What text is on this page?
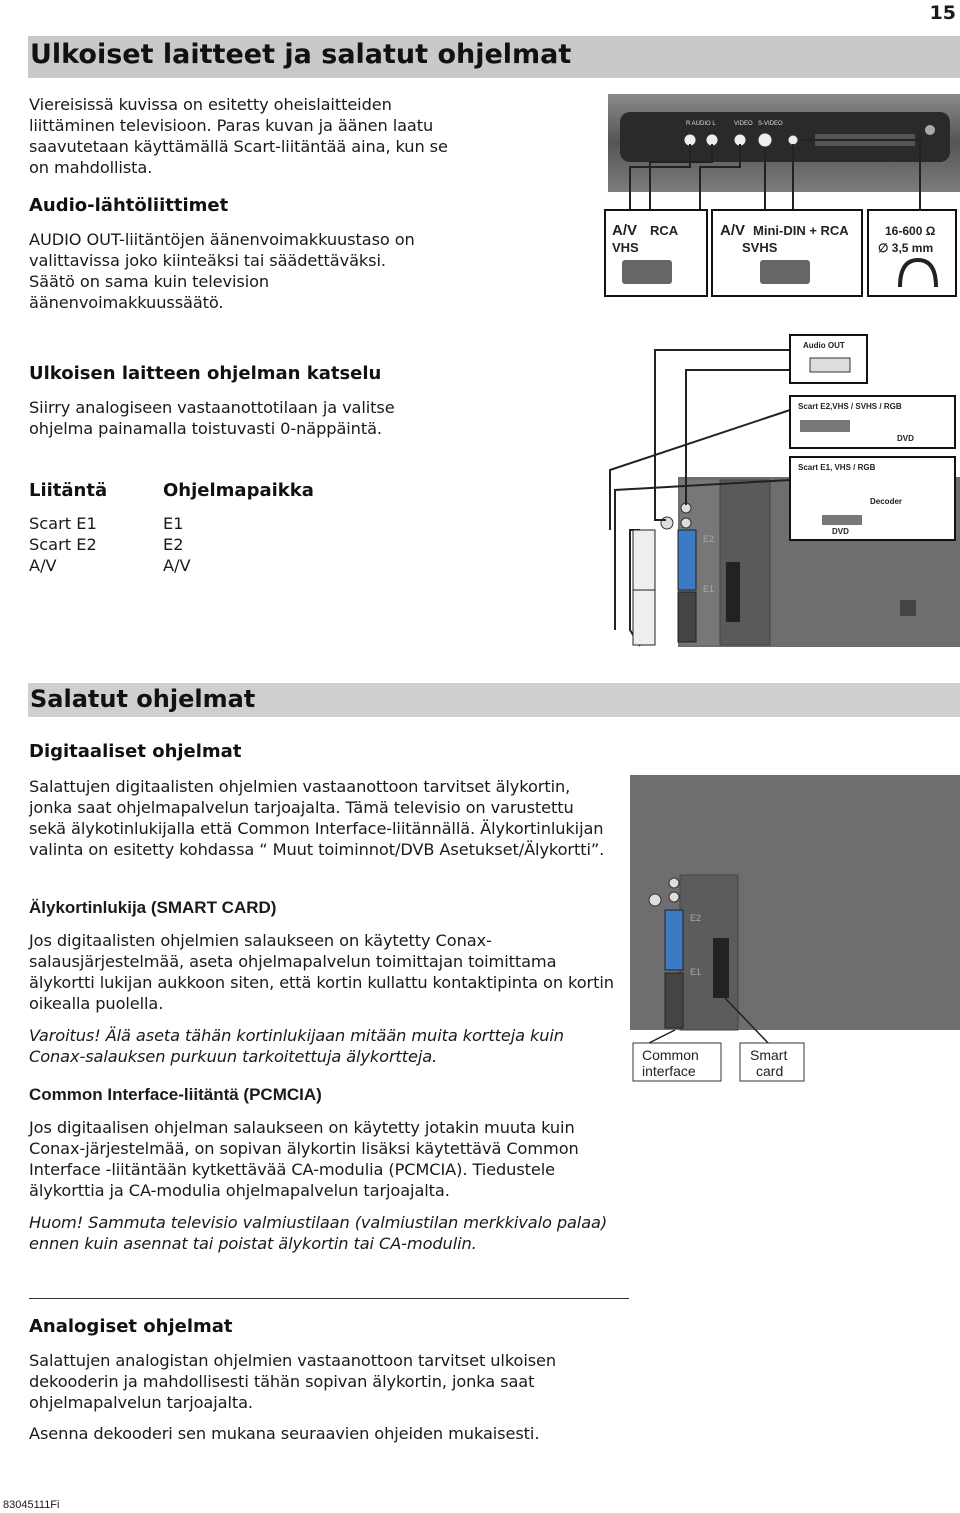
15
Ulkoiset laitteet ja salatut ohjelmat

Viereisissä kuvissa on esitetty oheislaitteiden liittäminen televisioon. Paras kuvan ja äänen laatu saavutetaan käyttämällä Scart-liitäntää aina, kun se on mahdollista.

Audio-lähtöliittimet

AUDIO OUT-liitäntöjen äänenvoimakkuustaso on valittavissa joko kiinteäksi tai säädettäväksi. Säätö on sama kuin television äänenvoimakkuussäätö.

Ulkoisen laitteen ohjelman katselu

Siirry analogiseen vastaanottotilaan ja valitse ohjelma painamalla toistuvasti 0-näppäintä.

Liitäntä	Ohjelmapaikka
Scart E1
Scart E2
A/V
E1
E2
A/V
R AUDIO L	VIDEO S-VIDEO
A/V RCA
VHS
A/V Mini-DIN + RCA
SVHS
16-600 Ω
∅ 3,5 mm
E2
E1
Audio OUT
Scart E2,VHS / SVHS / RGB
DVD
Scart E1, VHS / RGB
Decoder
DVD
Salatut ohjelmat
Digitaaliset ohjelmat

Salattujen digitaalisten ohjelmien vastaanottoon tarvitset älykortin, jonka saat ohjelmapalvelun tarjoajalta. Tämä televisio on varustettu sekä älykotinlukijalla että Common Interface-liitännällä. Älykortinlukijan valinta on esitetty kohdassa “ Muut toiminnot/DVB Asetukset/Älykortti”.

Älykortinlukija (SMART CARD)

Jos digitaalisten ohjelmien salaukseen on käytetty Conax-salausjärjestelmää, aseta ohjelmapalvelun toimittajan toimittama älykortti lukijan aukkoon siten, että kortin kullattu kontaktipinta on kortin oikealla puolella.

Varoitus! Älä aseta tähän kortinlukijaan mitään muita kortteja kuin Conax-salauksen purkuun tarkoitettuja älykortteja.

Common Interface-liitäntä (PCMCIA)

Jos digitaalisen ohjelman salaukseen on käytetty jotakin muuta kuin Conax-järjestelmää, on sopivan älykortin lisäksi käytettävä Common Interface -liitäntään kytkettävää CA-modulia (PCMCIA). Tiedustele älykorttia ja CA-modulia ohjelmapalvelun tarjoajalta.

Huom! Sammuta televisio valmiustilaan (valmiustilan merkkivalo palaa) ennen kuin asennat tai poistat älykortin tai CA-modulin.

E2
E1
Common
interface
Smart
card
Analogiset ohjelmat

Salattujen analogistan ohjelmien vastaanottoon tarvitset ulkoisen dekooderin ja mahdollisesti tähän sopivan älykortin, jonka saat ohjelmapalvelun tarjoajalta.

Asenna dekooderi sen mukana seuraavien ohjeiden mukaisesti.

83045111Fi
